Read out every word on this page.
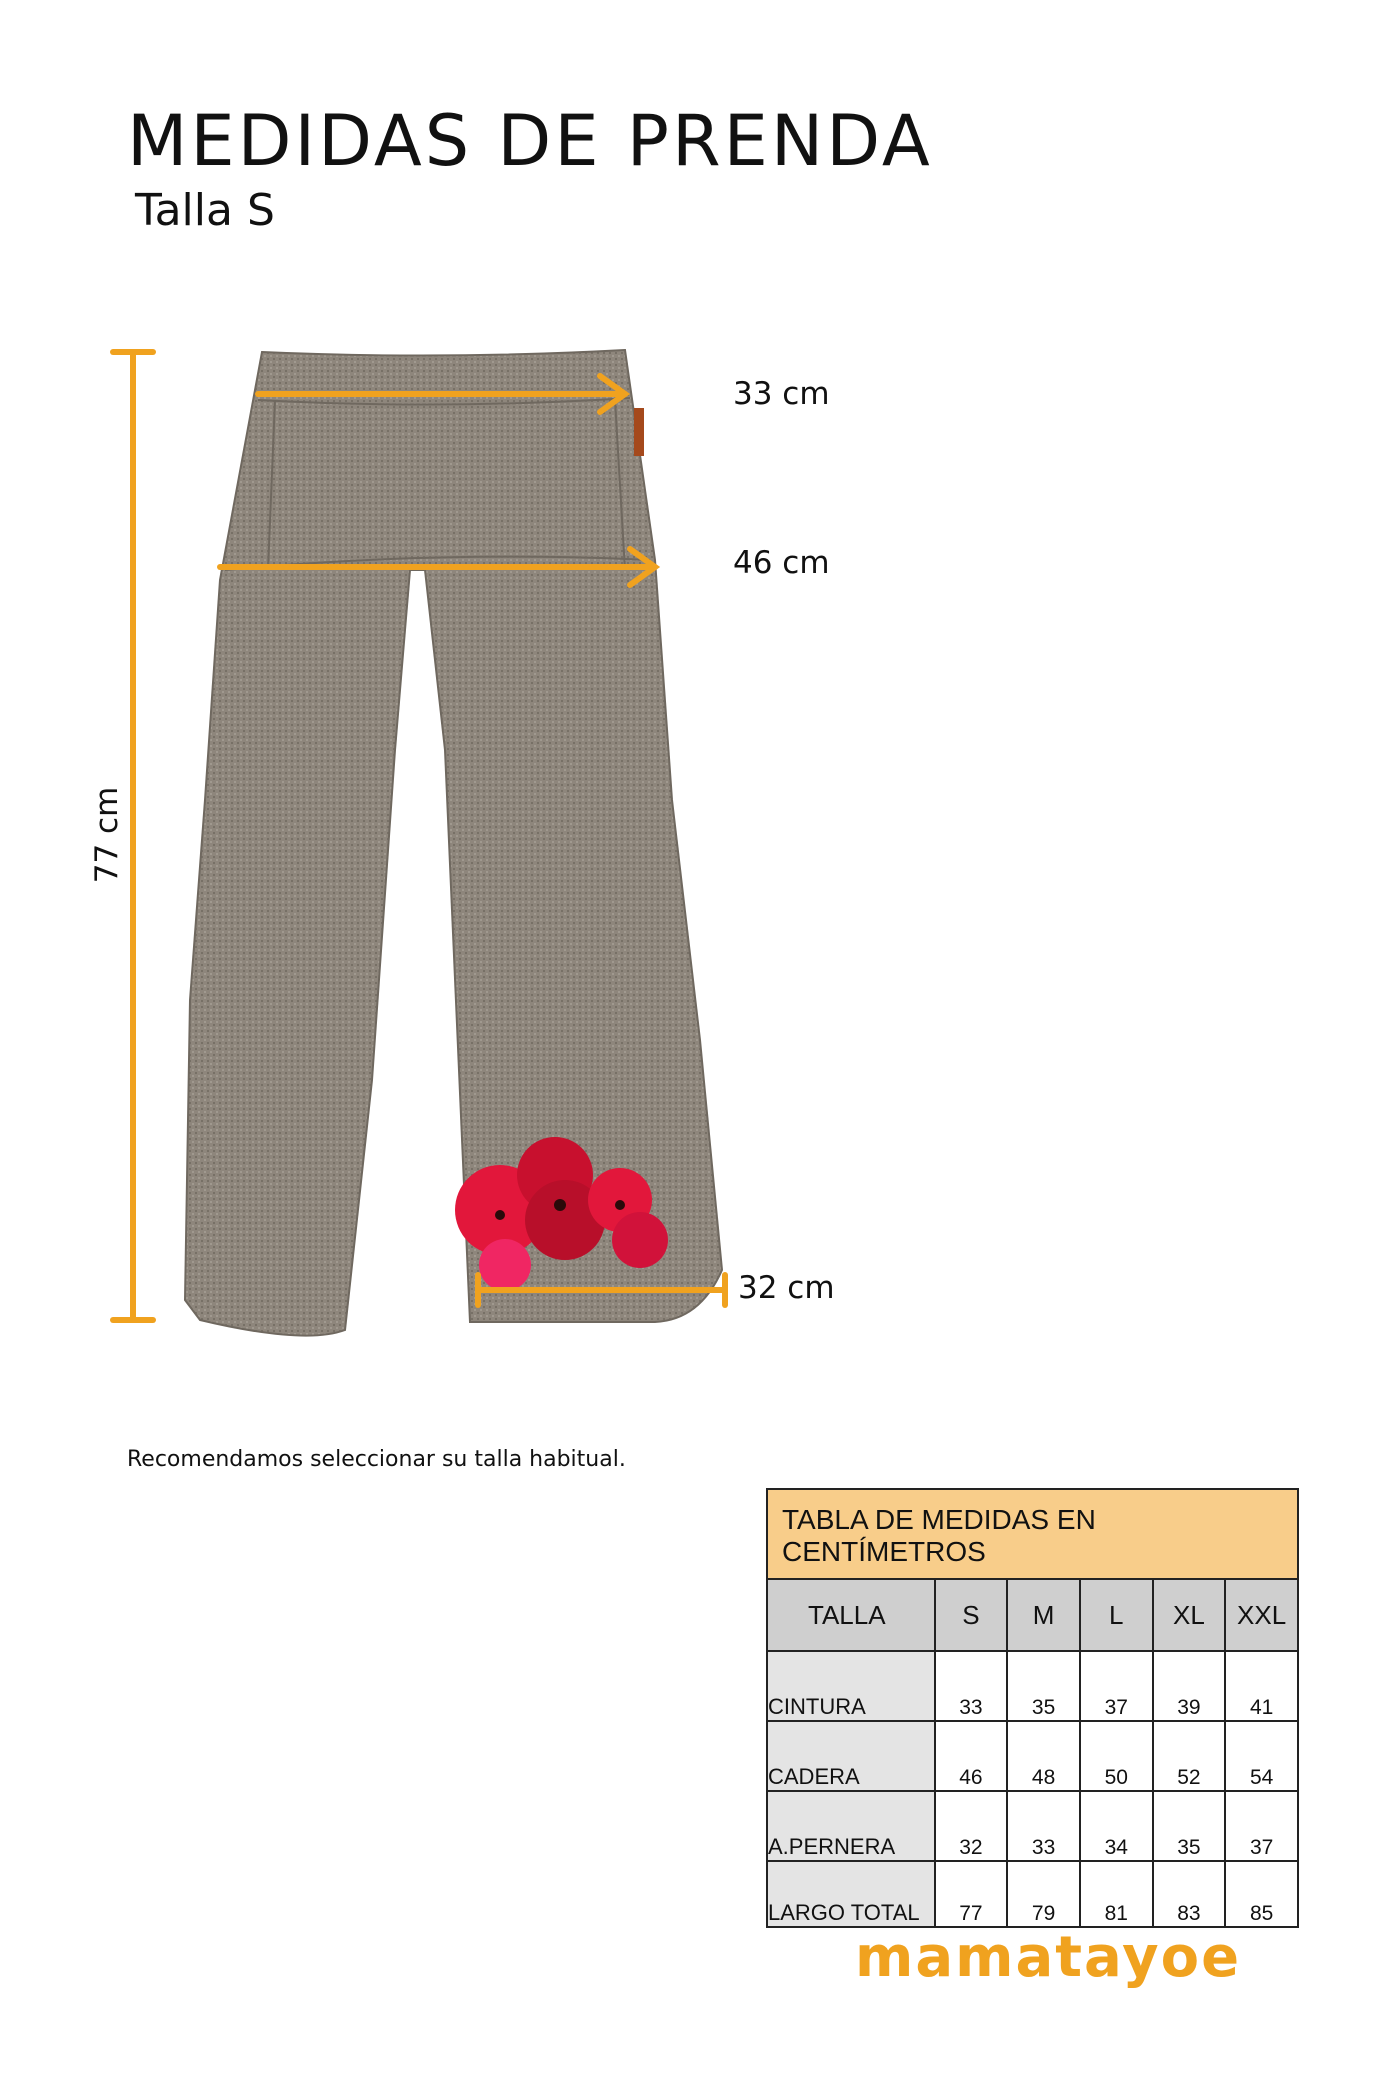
MEDIDAS DE PRENDA
Talla S
33 cm
46 cm
32 cm
77 cm
Recomendamos seleccionar su talla habitual.
TABLA DE MEDIDAS EN CENTÍMETROS
TALLA	S	M	L	XL	XXL
CINTURA	33	35	37	39	41
CADERA	46	48	50	52	54
A.PERNERA	32	33	34	35	37
LARGO TOTAL	77	79	81	83	85
mamatayoe
